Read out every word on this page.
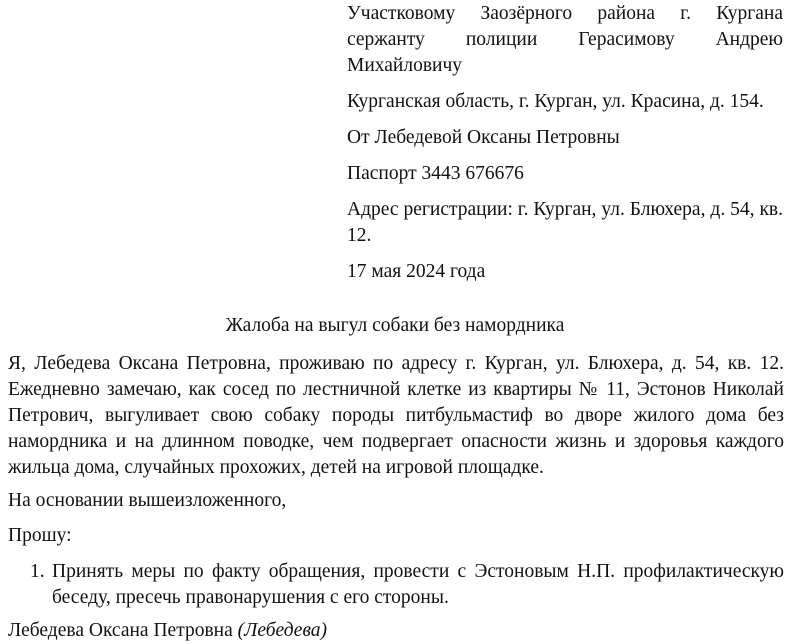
Участковому Заозёрного района г. Кургана сержанту полиции Герасимову Андрею Михайловичу

Курганская область, г. Курган, ул. Красина, д. 154.

От Лебедевой Оксаны Петровны

Паспорт 3443 676676

Адрес регистрации: г. Курган, ул. Блюхера, д. 54, кв. 12.

17 мая 2024 года

Жалоба на выгул собаки без намордника

Я, Лебедева Оксана Петровна, проживаю по адресу г. Курган, ул. Блюхера, д. 54, кв. 12. Ежедневно замечаю, как сосед по лестничной клетке из квартиры № 11, Эстонов Николай Петрович, выгуливает свою собаку породы питбульмастиф во дворе жилого дома без намордника и на длинном поводке, чем подвергает опасности жизнь и здоровья каждого жильца дома, случайных прохожих, детей на игровой площадке.

На основании вышеизложенного,

Прошу:

1. Принять меры по факту обращения, провести с Эстоновым Н.П. профилактическую беседу, пресечь правонарушения с его стороны.

Лебедева Оксана Петровна (Лебедева)
